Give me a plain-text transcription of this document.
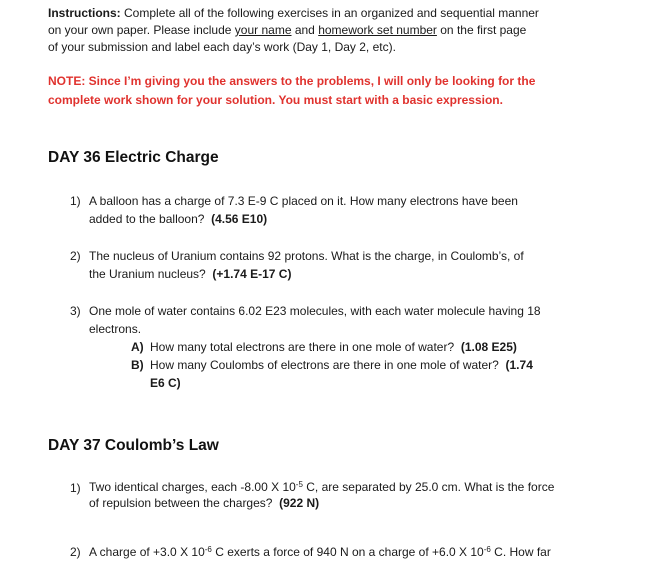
Instructions: Complete all of the following exercises in an organized and sequential manner
on your own paper. Please include your name and homework set number on the first page
of your submission and label each day’s work (Day 1, Day 2, etc).
NOTE: Since I’m giving you the answers to the problems, I will only be looking for the
complete work shown for your solution. You must start with a basic expression.
DAY 36 Electric Charge
1) A balloon has a charge of 7.3 E-9 C placed on it. How many electrons have been
added to the balloon? (4.56 E10)
2) The nucleus of Uranium contains 92 protons. What is the charge, in Coulomb’s, of
the Uranium nucleus? (+1.74 E-17 C)
3) One mole of water contains 6.02 E23 molecules, with each water molecule having 18
electrons.
A) How many total electrons are there in one mole of water? (1.08 E25)
B) How many Coulombs of electrons are there in one mole of water? (1.74
E6 C)
DAY 37 Coulomb’s Law
1) Two identical charges, each -8.00 X $10^{-5}$ C, are separated by 25.0 cm. What is the force
of repulsion between the charges? (922 N)
2) A charge of +3.0 X $10^{-6}$ C exerts a force of 940 N on a charge of +6.0 X $10^{-6}$ C. How far
